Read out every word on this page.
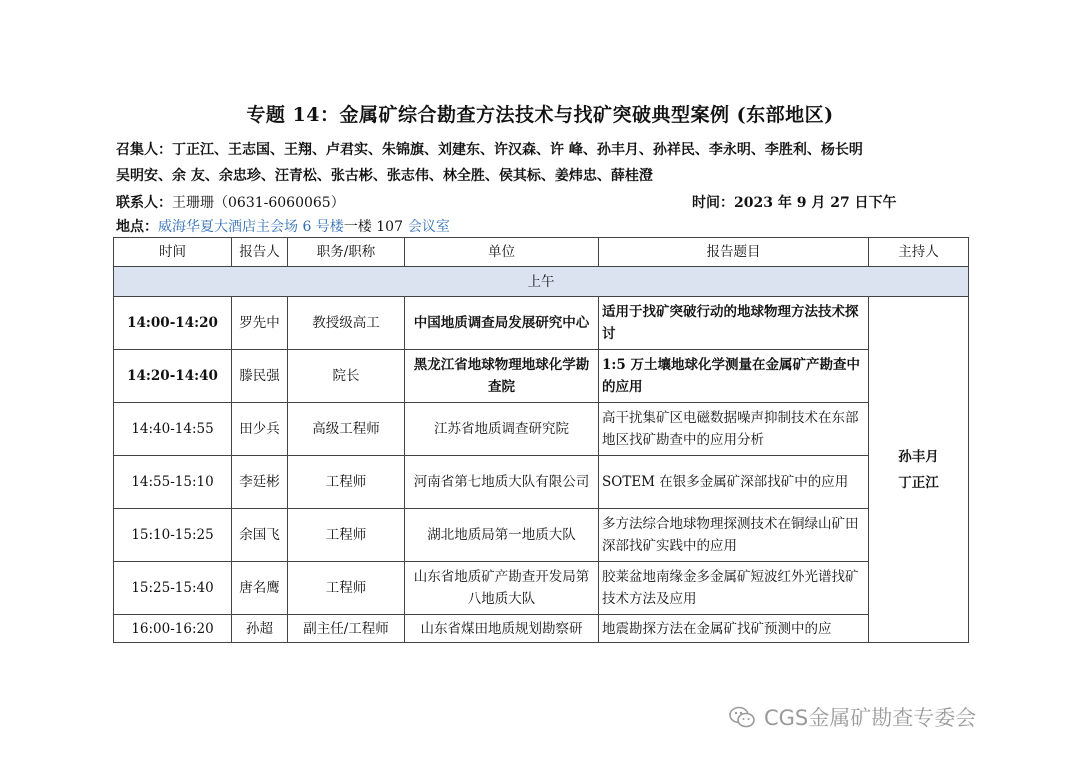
专题 14：金属矿综合勘查方法技术与找矿突破典型案例 (东部地区)
召集人：丁正江、王志国、王翔、卢君实、朱锦旗、刘建东、许汉森、许 峰、孙丰月、孙祥民、李永明、李胜利、杨长明
吴明安、余 友、余忠珍、汪青松、张古彬、张志伟、林全胜、侯其标、姜炜忠、薛桂澄
联系人：王珊珊（0631-6060065）	时间：2023 年 9 月 27 日下午
地点：威海华夏大酒店主会场 6 号楼一楼 107 会议室
时间	报告人	职务/职称	单位	报告题目	主持人
上午					
14:00-14:20	罗先中	教授级高工	中国地质调查局发展研究中心	适用于找矿突破行动的地球物理方法技术探讨	孙丰月
丁正江

14:20-14:40	滕民强	院长	黑龙江省地球物理地球化学勘查院	1:5 万土壤地球化学测量在金属矿产勘查中的应用	
14:40-14:55	田少兵	高级工程师	江苏省地质调查研究院	高干扰集矿区电磁数据噪声抑制技术在东部地区找矿勘查中的应用分析	
14:55-15:10	李廷彬	工程师	河南省第七地质大队有限公司	SOTEM 在银多金属矿深部找矿中的应用	
15:10-15:25	余国飞	工程师	湖北地质局第一地质大队	多方法综合地球物理探测技术在铜绿山矿田深部找矿实践中的应用	
15:25-15:40	唐名鹰	工程师	山东省地质矿产勘查开发局第八地质大队	胶莱盆地南缘金多金属矿短波红外光谱找矿技术方法及应用	
16:00-16:20	孙超	副主任/工程师	山东省煤田地质规划勘察研	地震勘探方法在金属矿找矿预测中的应	
CGS金属矿勘查专委会
